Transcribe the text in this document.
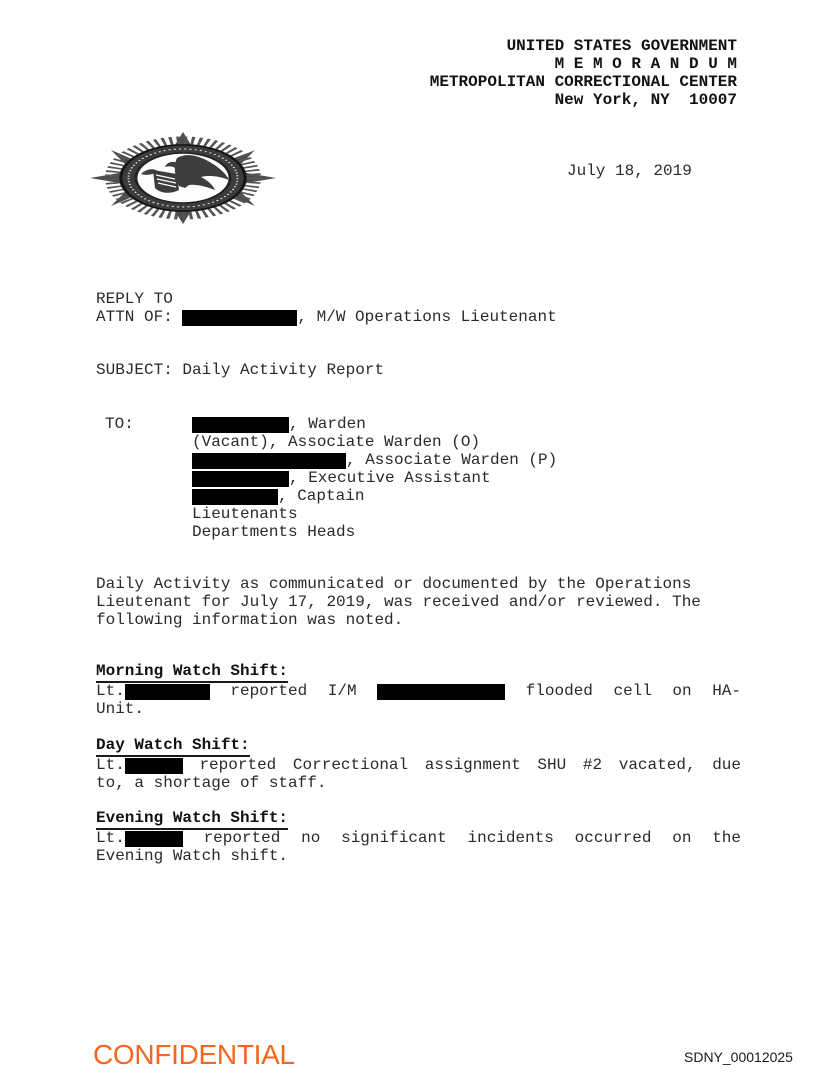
UNITED STATES GOVERNMENT
M E M O R A N D U M
METROPOLITAN CORRECTIONAL CENTER
New York, NY  10007
July 18, 2019
REPLY TO
ATTN OF:	, M/W Operations Lieutenant
SUBJECT: Daily Activity Report
TO:	, Warden
(Vacant), Associate Warden (O)
, Associate Warden (P)
, Executive Assistant
, Captain
Lieutenants
Departments Heads
Daily Activity as communicated or documented by the Operations
Lieutenant for July 17, 2019, was received and/or reviewed. The
following information was noted.
Morning Watch Shift:
Lt.	reported I/M	flooded cell on HA-
Unit.
Day Watch Shift:
Lt.	reported Correctional assignment SHU #2 vacated, due
to, a shortage of staff.
Evening Watch Shift:
Lt.	reported no significant incidents occurred on the
Evening Watch shift.
CONFIDENTIAL	SDNY_00012025
